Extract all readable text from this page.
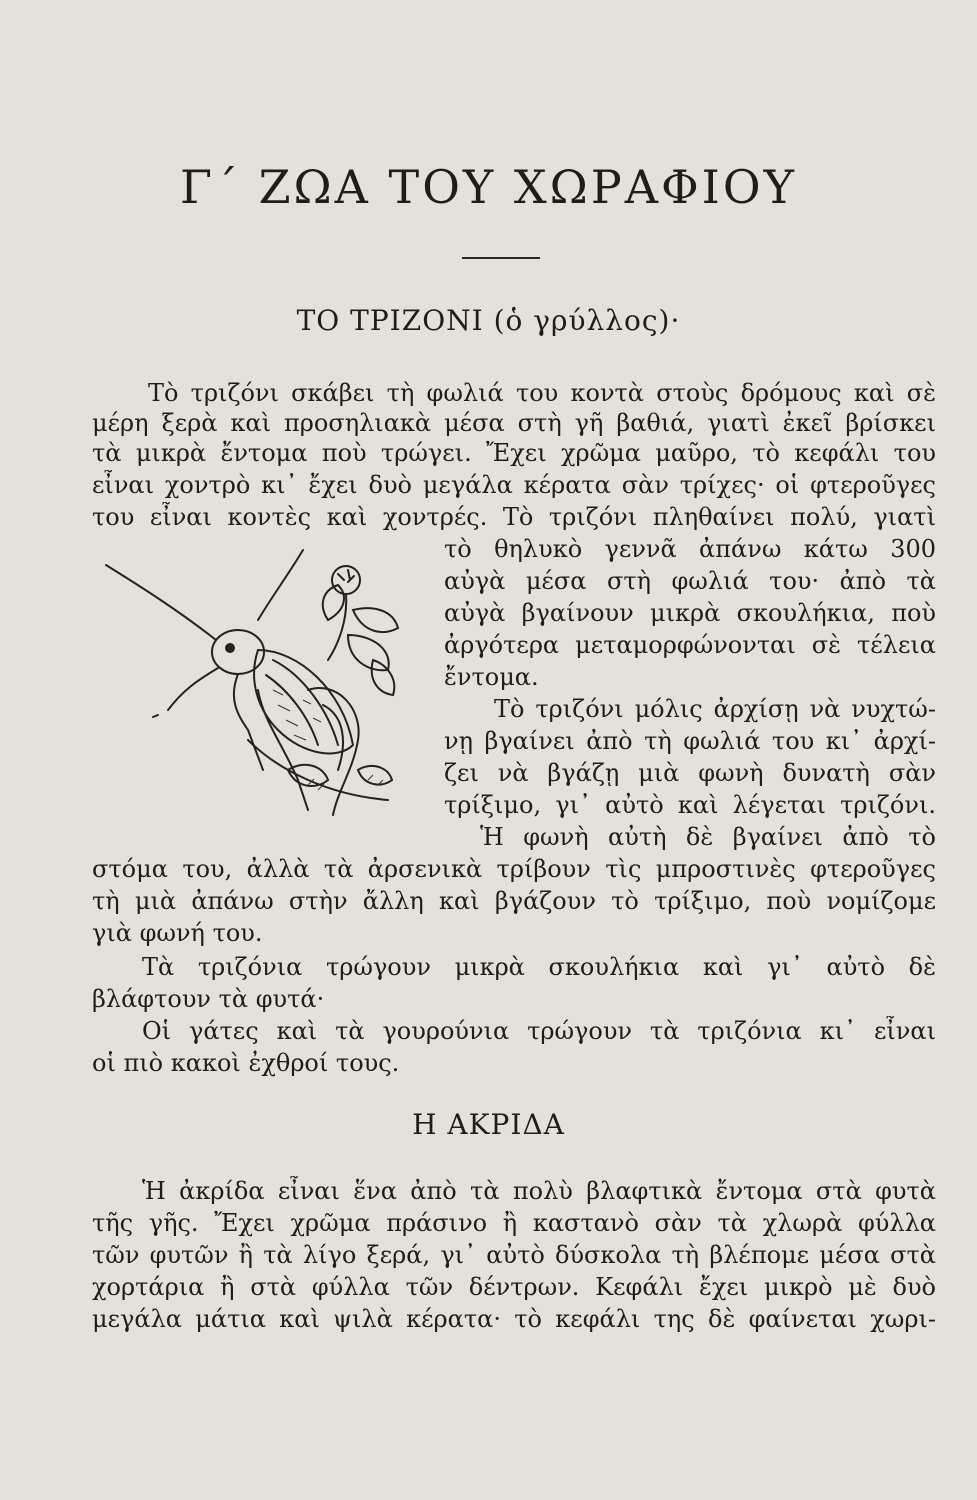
Γ΄ ΖΩΑ ΤΟΥ ΧΩΡΑΦΙΟΥ
ΤΟ ΤΡΙΖΟΝΙ (ὁ γρύλλος)·
Τὸ τριζόνι σκάβει τὴ φωλιά του κοντὰ στοὺς δρόμους καὶ σὲ
μέρη ξερὰ καὶ προσηλιακὰ μέσα στὴ γῆ βαθιά, γιατὶ ἐκεῖ βρίσκει
τὰ μικρὰ ἔντομα ποὺ τρώγει. Ἔχει χρῶμα μαῦρο, τὸ κεφάλι του
εἶναι χοντρὸ κι᾿ ἔχει δυὸ μεγάλα κέρατα σὰν τρίχες· οἱ φτεροῦγες
του εἶναι κοντὲς καὶ χοντρές. Τὸ τριζόνι πληθαίνει πολύ, γιατὶ
τὸ θηλυκὸ γεννᾶ ἀπάνω κάτω 300
αὐγὰ μέσα στὴ φωλιά του· ἀπὸ τὰ
αὐγὰ βγαίνουν μικρὰ σκουλήκια, ποὺ
ἀργότερα μεταμορφώνονται σὲ τέλεια
ἔντομα.
Τὸ τριζόνι μόλις ἀρχίσῃ νὰ νυχτώ-
νῃ βγαίνει ἀπὸ τὴ φωλιά του κι᾿ ἀρχί-
ζει νὰ βγάζῃ μιὰ φωνὴ δυνατὴ σὰν
τρίξιμο, γι᾿ αὐτὸ καὶ λέγεται τριζόνι.
Ἡ φωνὴ αὐτὴ δὲ βγαίνει ἀπὸ τὸ
στόμα του, ἀλλὰ τὰ ἀρσενικὰ τρίβουν τὶς μπροστινὲς φτεροῦγες
τὴ μιὰ ἀπάνω στὴν ἄλλη καὶ βγάζουν τὸ τρίξιμο, ποὺ νομίζομε
γιὰ φωνή του.
Τὰ τριζόνια τρώγουν μικρὰ σκουλήκια καὶ γι᾿ αὐτὸ δὲ
βλάφτουν τὰ φυτά·
Οἱ γάτες καὶ τὰ γουρούνια τρώγουν τὰ τριζόνια κι᾿ εἶναι
οἱ πιὸ κακοὶ ἐχθροί τους.
Η ΑΚΡΙΔΑ
Ἡ ἀκρίδα εἶναι ἕνα ἀπὸ τὰ πολὺ βλαφτικὰ ἔντομα στὰ φυτὰ
τῆς γῆς. Ἔχει χρῶμα πράσινο ἢ καστανὸ σὰν τὰ χλωρὰ φύλλα
τῶν φυτῶν ἢ τὰ λίγο ξερά, γι᾿ αὐτὸ δύσκολα τὴ βλέπομε μέσα στὰ
χορτάρια ἢ στὰ φύλλα τῶν δέντρων. Κεφάλι ἔχει μικρὸ μὲ δυὸ
μεγάλα μάτια καὶ ψιλὰ κέρατα· τὸ κεφάλι της δὲ φαίνεται χωρι-
